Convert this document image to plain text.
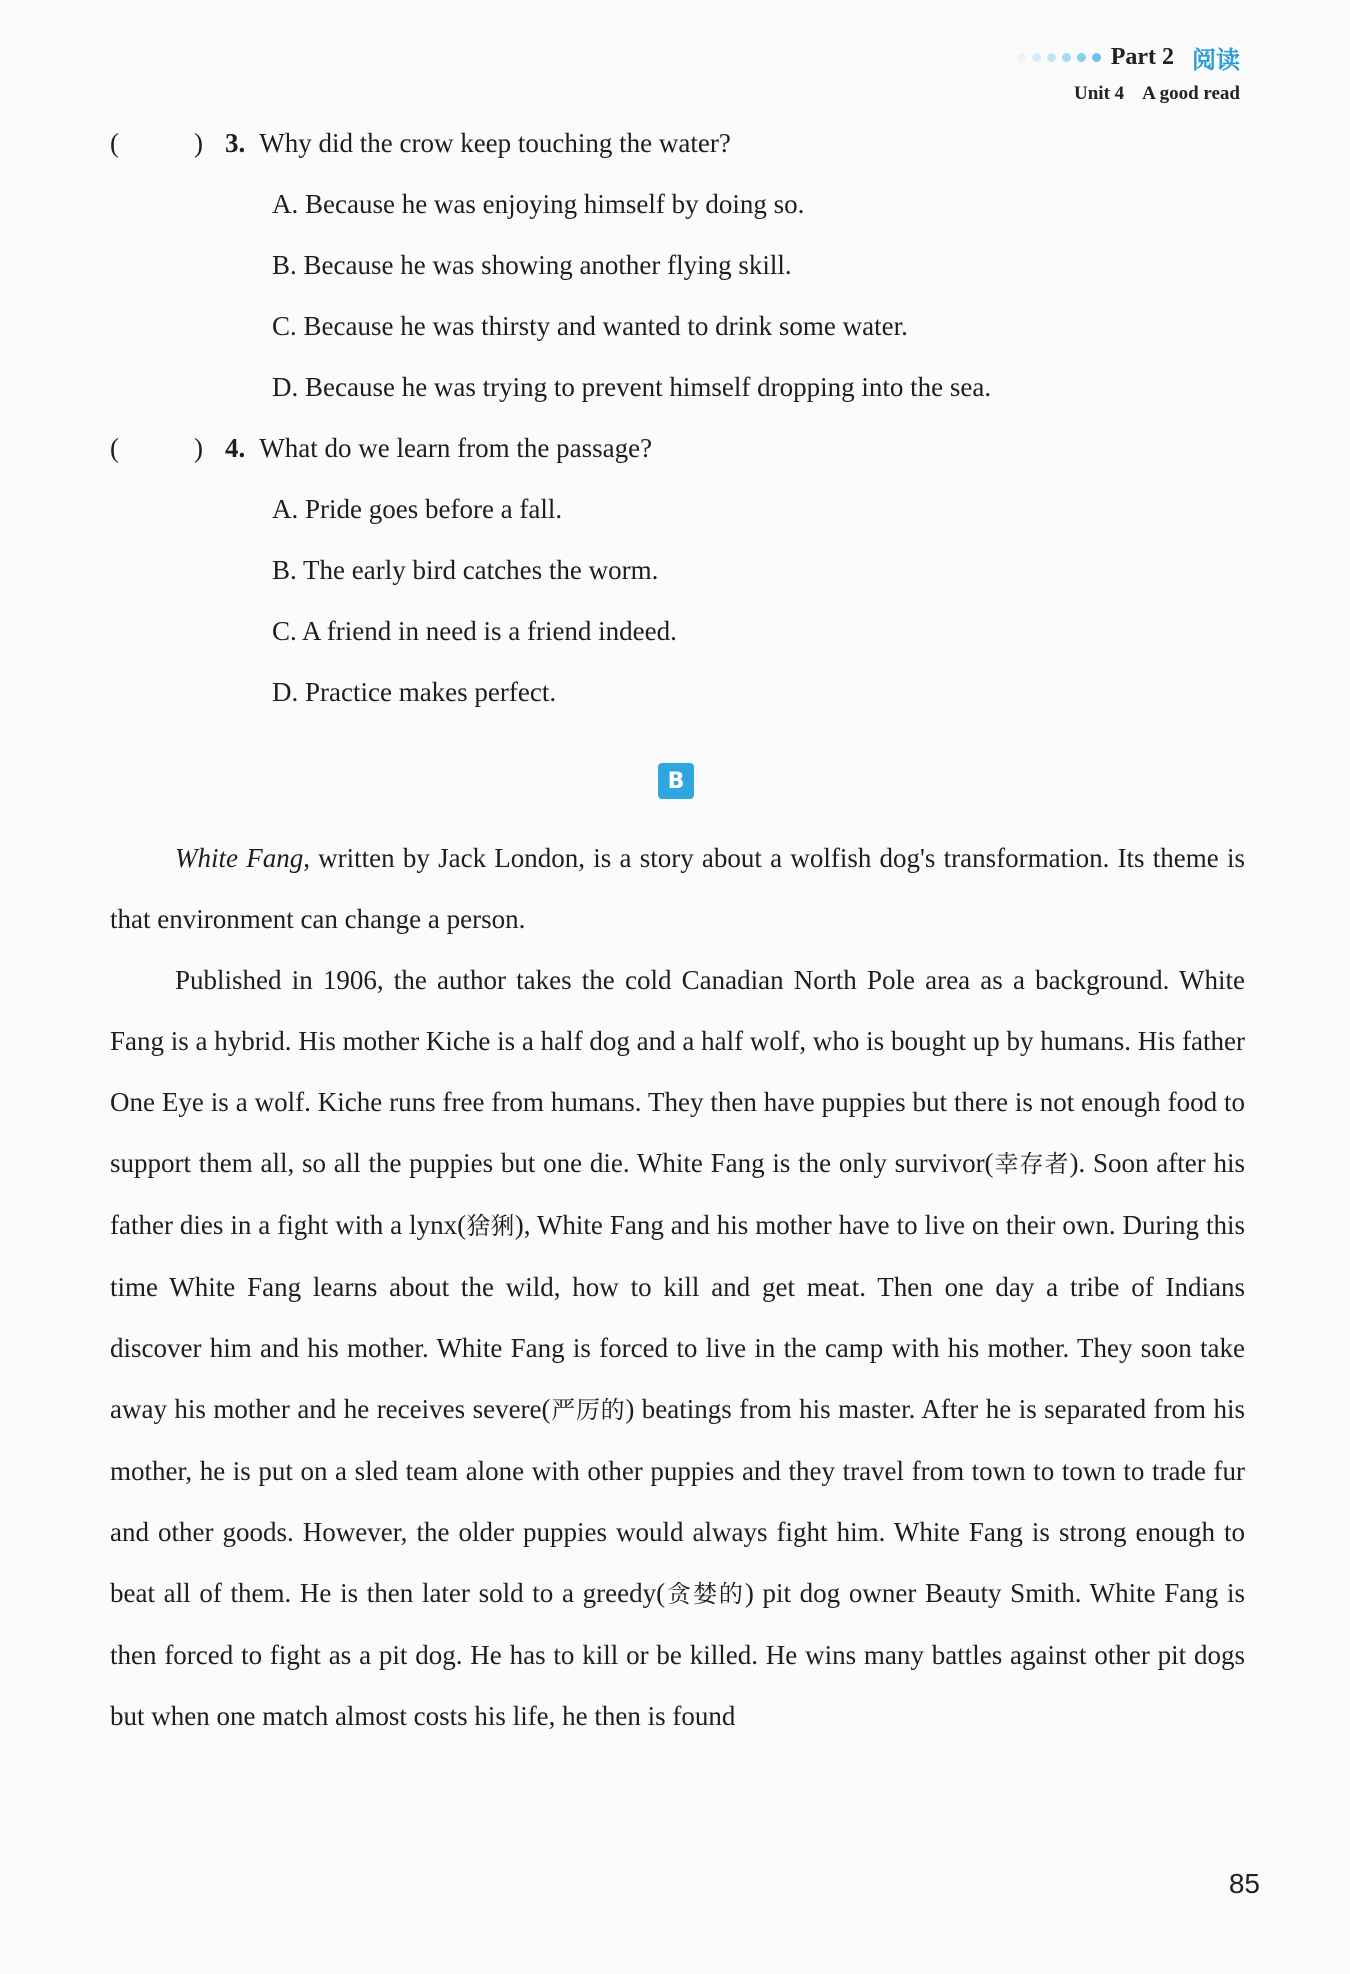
Part 2 阅读
Unit 4 A good read
(	) 3. Why did the crow keep touching the water?
A. Because he was enjoying himself by doing so.
B. Because he was showing another flying skill.
C. Because he was thirsty and wanted to drink some water.
D. Because he was trying to prevent himself dropping into the sea.
(	) 4. What do we learn from the passage?
A. Pride goes before a fall.
B. The early bird catches the worm.
C. A friend in need is a friend indeed.
D. Practice makes perfect.
B

White Fang, written by Jack London, is a story about a wolfish dog's transformation. Its theme is that environment can change a person.

Published in 1906, the author takes the cold Canadian North Pole area as a background. White Fang is a hybrid. His mother Kiche is a half dog and a half wolf, who is bought up by humans. His father One Eye is a wolf. Kiche runs free from humans. They then have puppies but there is not enough food to support them all, so all the puppies but one die. White Fang is the only survivor(幸存者). Soon after his father dies in a fight with a lynx(猞猁), White Fang and his mother have to live on their own. During this time White Fang learns about the wild, how to kill and get meat. Then one day a tribe of Indians discover him and his mother. White Fang is forced to live in the camp with his mother. They soon take away his mother and he receives severe(严厉的) beatings from his master. After he is separated from his mother, he is put on a sled team alone with other puppies and they travel from town to town to trade fur and other goods. However, the older puppies would always fight him. White Fang is strong enough to beat all of them. He is then later sold to a greedy(贪婪的) pit dog owner Beauty Smith. White Fang is then forced to fight as a pit dog. He has to kill or be killed. He wins many battles against other pit dogs but when one match almost costs his life, he then is found

85
